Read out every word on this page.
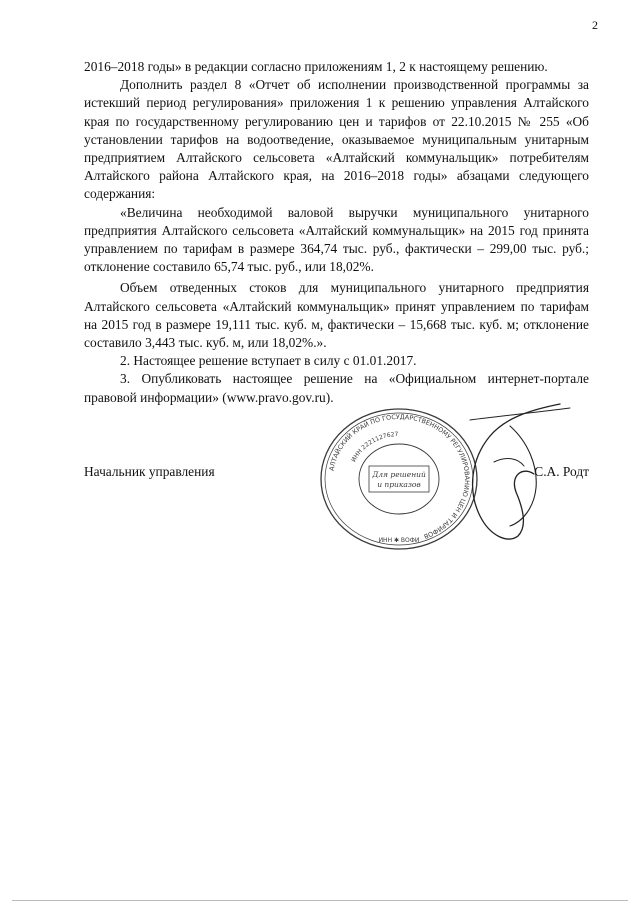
2

2016–2018 годы» в редакции согласно приложениям 1, 2 к настоящему решению.

Дополнить раздел 8 «Отчет об исполнении производственной программы за истекший период регулирования» приложения 1 к решению управления Алтайского края по государственному регулированию цен и тарифов от 22.10.2015 № 255 «Об установлении тарифов на водоотведение, оказываемое муниципальным унитарным предприятием Алтайского сельсовета «Алтайский коммунальщик» потребителям Алтайского района Алтайского края, на 2016–2018 годы» абзацами следующего содержания:

«Величина необходимой валовой выручки муниципального унитарного предприятия Алтайского сельсовета «Алтайский коммунальщик» на 2015 год принята управлением по тарифам в размере 364,74 тыс. руб., фактически – 299,00 тыс. руб.; отклонение составило 65,74 тыс. руб., или 18,02%.

Объем отведенных стоков для муниципального унитарного предприятия Алтайского сельсовета «Алтайский коммунальщик» принят управлением по тарифам на 2015 год в размере 19,111 тыс. куб. м, фактически – 15,668 тыс. куб. м; отклонение составило 3,443 тыс. куб. м, или 18,02%.».

2. Настоящее решение вступает в силу с 01.01.2017.

3. Опубликовать настоящее решение на «Официальном интернет-портале правовой информации» (www.pravo.gov.ru).

Начальник управления	С.А. Родт
АЛТАЙСКИЙ КРАЙ ПО ГОСУДАРСТВЕННОМУ РЕГУЛИРОВАНИЮ ЦЕН И ТАРИФОВ
ИНН 2221127627
Для решений
и приказов
ИНН ✱ ВОФИ
